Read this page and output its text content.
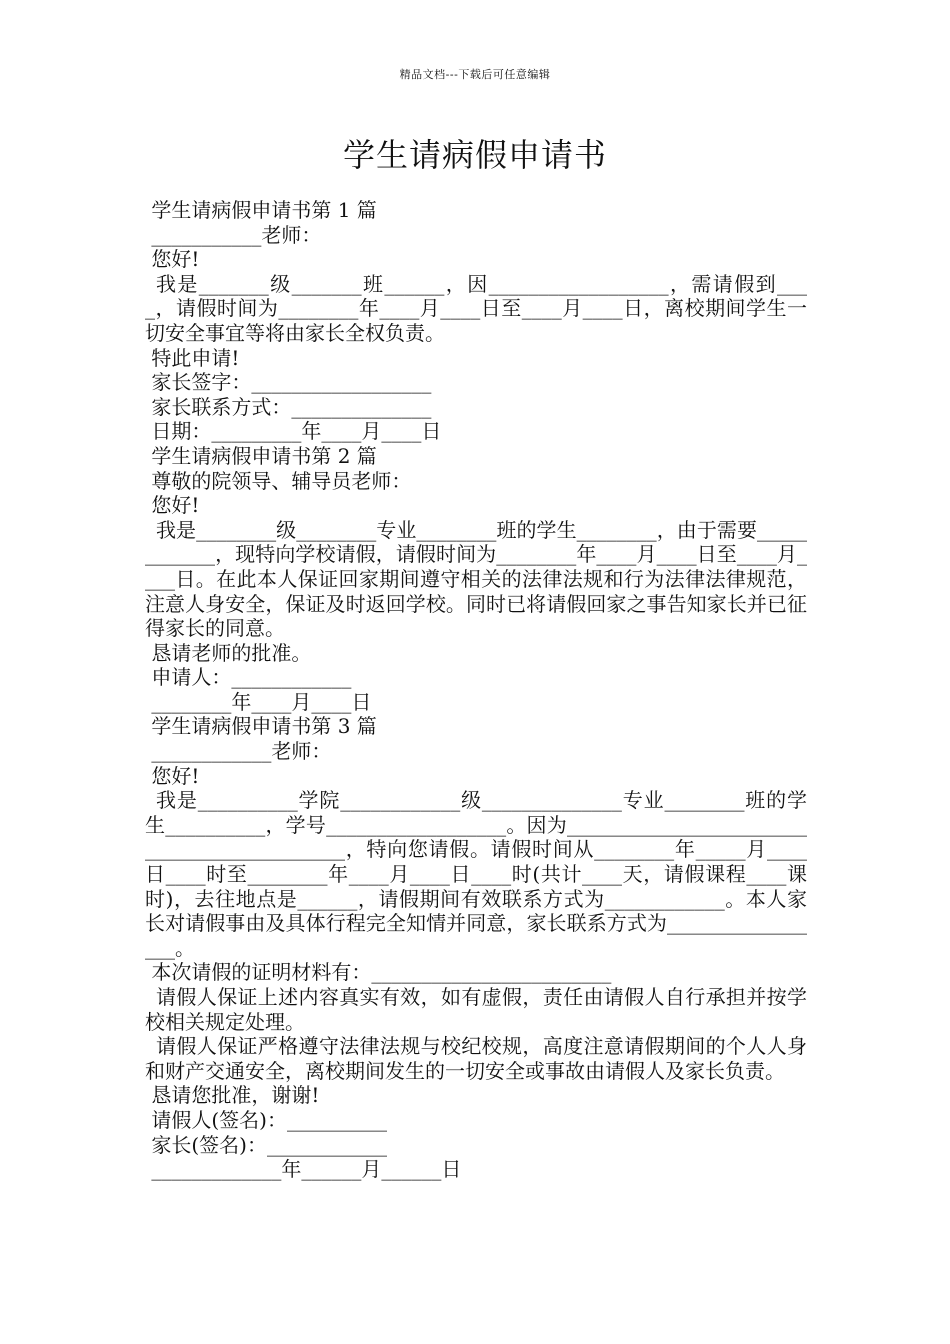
精品文档---下载后可任意编辑
学生请病假申请书
学生请病假申请书第 1 篇
___________老师：
您好!
我是_______级_______班______，因__________________，需请假到____，请假时间为________年____月____日至____月____日，离校期间学生一切安全事宜等将由家长全权负责。
特此申请!
家长签字：__________________
家长联系方式：______________
日期：_________年____月____日
学生请病假申请书第 2 篇
尊敬的院领导、辅导员老师：
您好!
我是________级________专业________班的学生________，由于需要____________，现特向学校请假，请假时间为________年____月____日至____月____日。在此本人保证回家期间遵守相关的法律法规和行为法律法律规范，注意人身安全，保证及时返回学校。同时已将请假回家之事告知家长并已征得家长的同意。
恳请老师的批准。
申请人：____________
________年____月____日
学生请病假申请书第 3 篇
____________老师：
您好!
我是__________学院____________级______________专业________班的学生__________，学号__________________。因为____________________________________________，特向您请假。请假时间从________年_____月____日____时至________年____月____日____时(共计____天，请假课程____课时)，去往地点是______，请假期间有效联系方式为____________。本人家长对请假事由及具体行程完全知情并同意，家长联系方式为_________________。
本次请假的证明材料有：________________________
请假人保证上述内容真实有效，如有虚假，责任由请假人自行承担并按学校相关规定处理。
请假人保证严格遵守法律法规与校纪校规，高度注意请假期间的个人人身和财产交通安全，离校期间发生的一切安全或事故由请假人及家长负责。
恳请您批准，谢谢!
请假人(签名)：__________
家长(签名)：____________
_____________年______月______日
